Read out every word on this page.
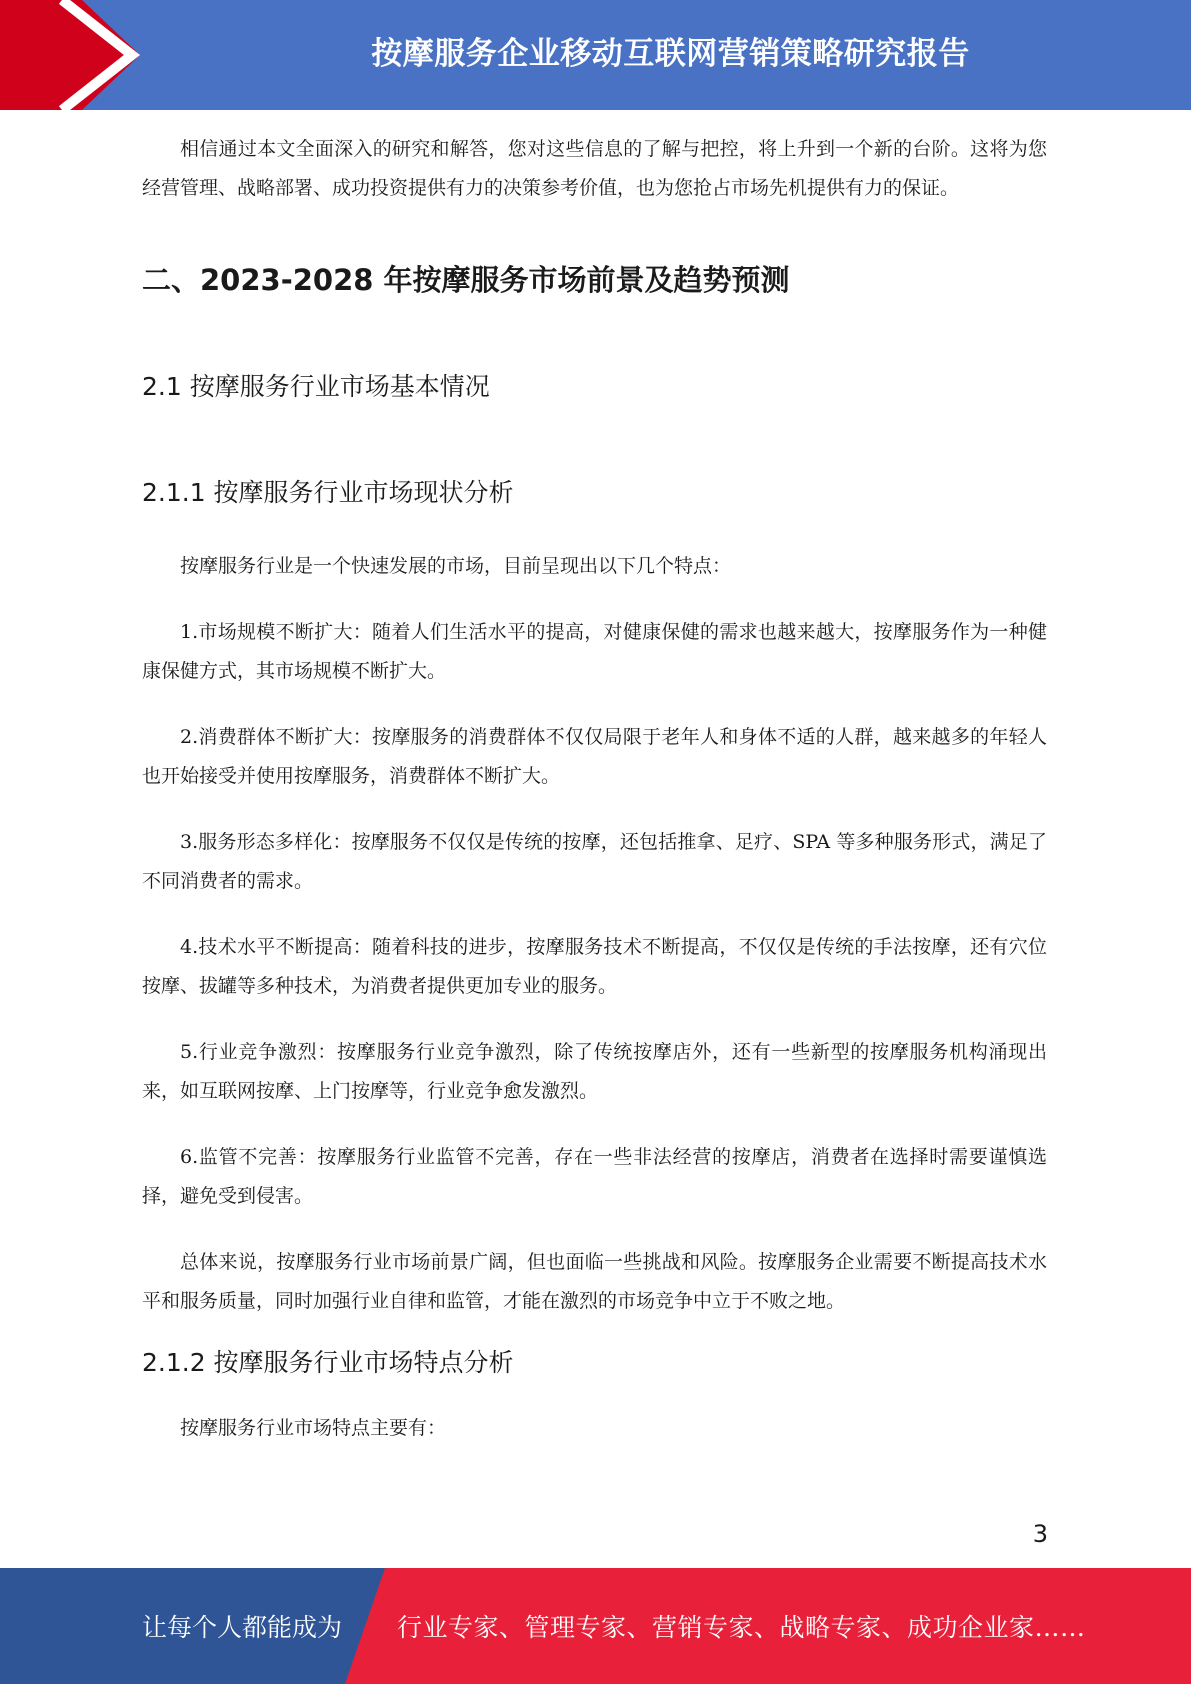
按摩服务企业移动互联网营销策略研究报告

相信通过本文全面深入的研究和解答，您对这些信息的了解与把控，将上升到一个新的台阶。这将为您经营管理、战略部署、成功投资提供有力的决策参考价值，也为您抢占市场先机提供有力的保证。

二、2023-2028 年按摩服务市场前景及趋势预测
2.1 按摩服务行业市场基本情况
2.1.1 按摩服务行业市场现状分析

按摩服务行业是一个快速发展的市场，目前呈现出以下几个特点：

1.市场规模不断扩大：随着人们生活水平的提高，对健康保健的需求也越来越大，按摩服务作为一种健康保健方式，其市场规模不断扩大。

2.消费群体不断扩大：按摩服务的消费群体不仅仅局限于老年人和身体不适的人群，越来越多的年轻人也开始接受并使用按摩服务，消费群体不断扩大。

3.服务形态多样化：按摩服务不仅仅是传统的按摩，还包括推拿、足疗、SPA 等多种服务形式，满足了不同消费者的需求。

4.技术水平不断提高：随着科技的进步，按摩服务技术不断提高，不仅仅是传统的手法按摩，还有穴位按摩、拔罐等多种技术，为消费者提供更加专业的服务。

5.行业竞争激烈：按摩服务行业竞争激烈，除了传统按摩店外，还有一些新型的按摩服务机构涌现出来，如互联网按摩、上门按摩等，行业竞争愈发激烈。

6.监管不完善：按摩服务行业监管不完善，存在一些非法经营的按摩店，消费者在选择时需要谨慎选择，避免受到侵害。

总体来说，按摩服务行业市场前景广阔，但也面临一些挑战和风险。按摩服务企业需要不断提高技术水平和服务质量，同时加强行业自律和监管，才能在激烈的市场竞争中立于不败之地。

2.1.2 按摩服务行业市场特点分析

按摩服务行业市场特点主要有：

3
让每个人都能成为 行业专家、管理专家、营销专家、战略专家、成功企业家……
